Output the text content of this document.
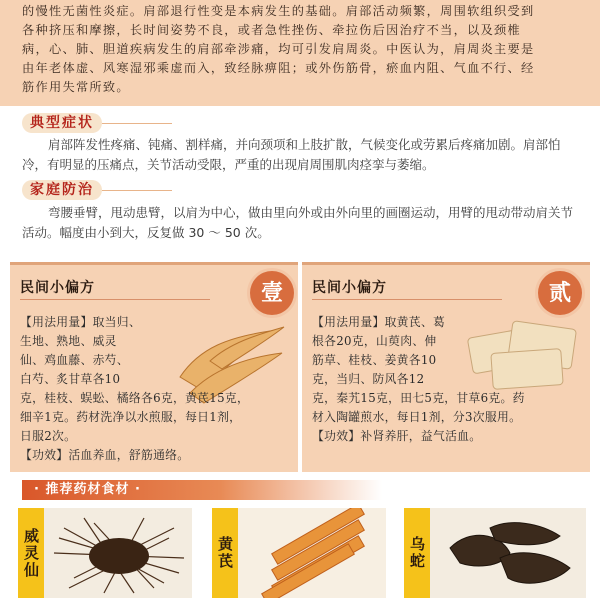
的慢性无菌性炎症。肩部退行性变是本病发生的基础。肩部活动频繁，周围软组织受到
各种挤压和摩擦，长时间姿势不良，或者急性挫伤、牵拉伤后因治疗不当，以及颈椎
病，心、肺、胆道疾病发生的肩部牵涉痛，均可引发肩周炎。中医认为，肩周炎主要是
由年老体虚、风寒湿邪乘虚而入，致经脉痹阻；或外伤筋骨，瘀血内阻、气血不行、经
筋作用失常所致。
典型症状
肩部阵发性疼痛、钝痛、割样痛，并向颈项和上肢扩散，气候变化或劳累后疼痛加剧。肩部怕冷，有明显的压痛点，关节活动受限，严重的出现肩周围肌肉痉挛与萎缩。
家庭防治
弯腰垂臂，甩动患臂，以肩为中心，做由里向外或由外向里的画圈运动，用臂的甩动带动肩关节活动。幅度由小到大，反复做 30 ～ 50 次。
民间小偏方	壹
【用法用量】取当归、
生地、熟地、威灵
仙、鸡血藤、赤芍、
白芍、炙甘草各10
克，桂枝、蜈蚣、橘络各6克，黄芪15克，
细辛1克。药材洗净以水煎服，每日1剂，
日服2次。
【功效】活血养血，舒筋通络。
民间小偏方	贰
【用法用量】取黄芪、葛
根各20克，山萸肉、伸
筋草、桂枝、姜黄各10
克，当归、防风各12
克，秦艽15克，田七5克，甘草6克。药
材入陶罐煎水，每日1剂，分3次服用。
【功效】补肾养肝，益气活血。
· 推荐药材食材 ·
威灵仙	黄芪	乌蛇
